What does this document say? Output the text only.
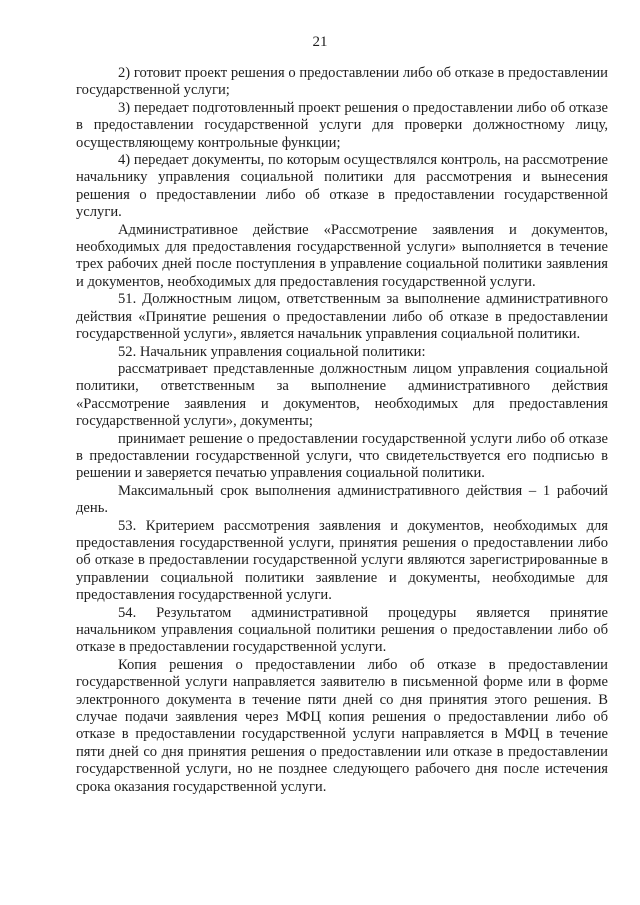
21

2) готовит проект решения о предоставлении либо об отказе в предоставлении государственной услуги;

3) передает подготовленный проект решения о предоставлении либо об отказе в предоставлении государственной услуги для проверки должностному лицу, осуществляющему контрольные функции;

4) передает документы, по которым осуществлялся контроль, на рассмотрение начальнику управления социальной политики для рассмотрения и вынесения решения о предоставлении либо об отказе в предоставлении государственной услуги.

Административное действие «Рассмотрение заявления и документов, необходимых для предоставления государственной услуги» выполняется в течение трех рабочих дней после поступления в управление социальной политики заявления и документов, необходимых для предоставления государственной услуги.

51. Должностным лицом, ответственным за выполнение административного действия «Принятие решения о предоставлении либо об отказе в предоставлении государственной услуги», является начальник управления социальной политики.

52. Начальник управления социальной политики:

рассматривает представленные должностным лицом управления социальной политики, ответственным за выполнение административного действия «Рассмотрение заявления и документов, необходимых для предоставления государственной услуги», документы;

принимает решение о предоставлении государственной услуги либо об отказе в предоставлении государственной услуги, что свидетельствуется его подписью в решении и заверяется печатью управления социальной политики.

Максимальный срок выполнения административного действия – 1 рабочий день.

53. Критерием рассмотрения заявления и документов, необходимых для предоставления государственной услуги, принятия решения о предоставлении либо об отказе в предоставлении государственной услуги являются зарегистрированные в управлении социальной политики заявление и документы, необходимые для предоставления государственной услуги.

54. Результатом административной процедуры является принятие начальником управления социальной политики решения о предоставлении либо об отказе в предоставлении государственной услуги.

Копия решения о предоставлении либо об отказе в предоставлении государственной услуги направляется заявителю в письменной форме или в форме электронного документа в течение пяти дней со дня принятия этого решения. В случае подачи заявления через МФЦ копия решения о предоставлении либо об отказе в предоставлении государственной услуги направляется в МФЦ в течение пяти дней со дня принятия решения о предоставлении или отказе в предоставлении государственной услуги, но не позднее следующего рабочего дня после истечения срока оказания государственной услуги.
